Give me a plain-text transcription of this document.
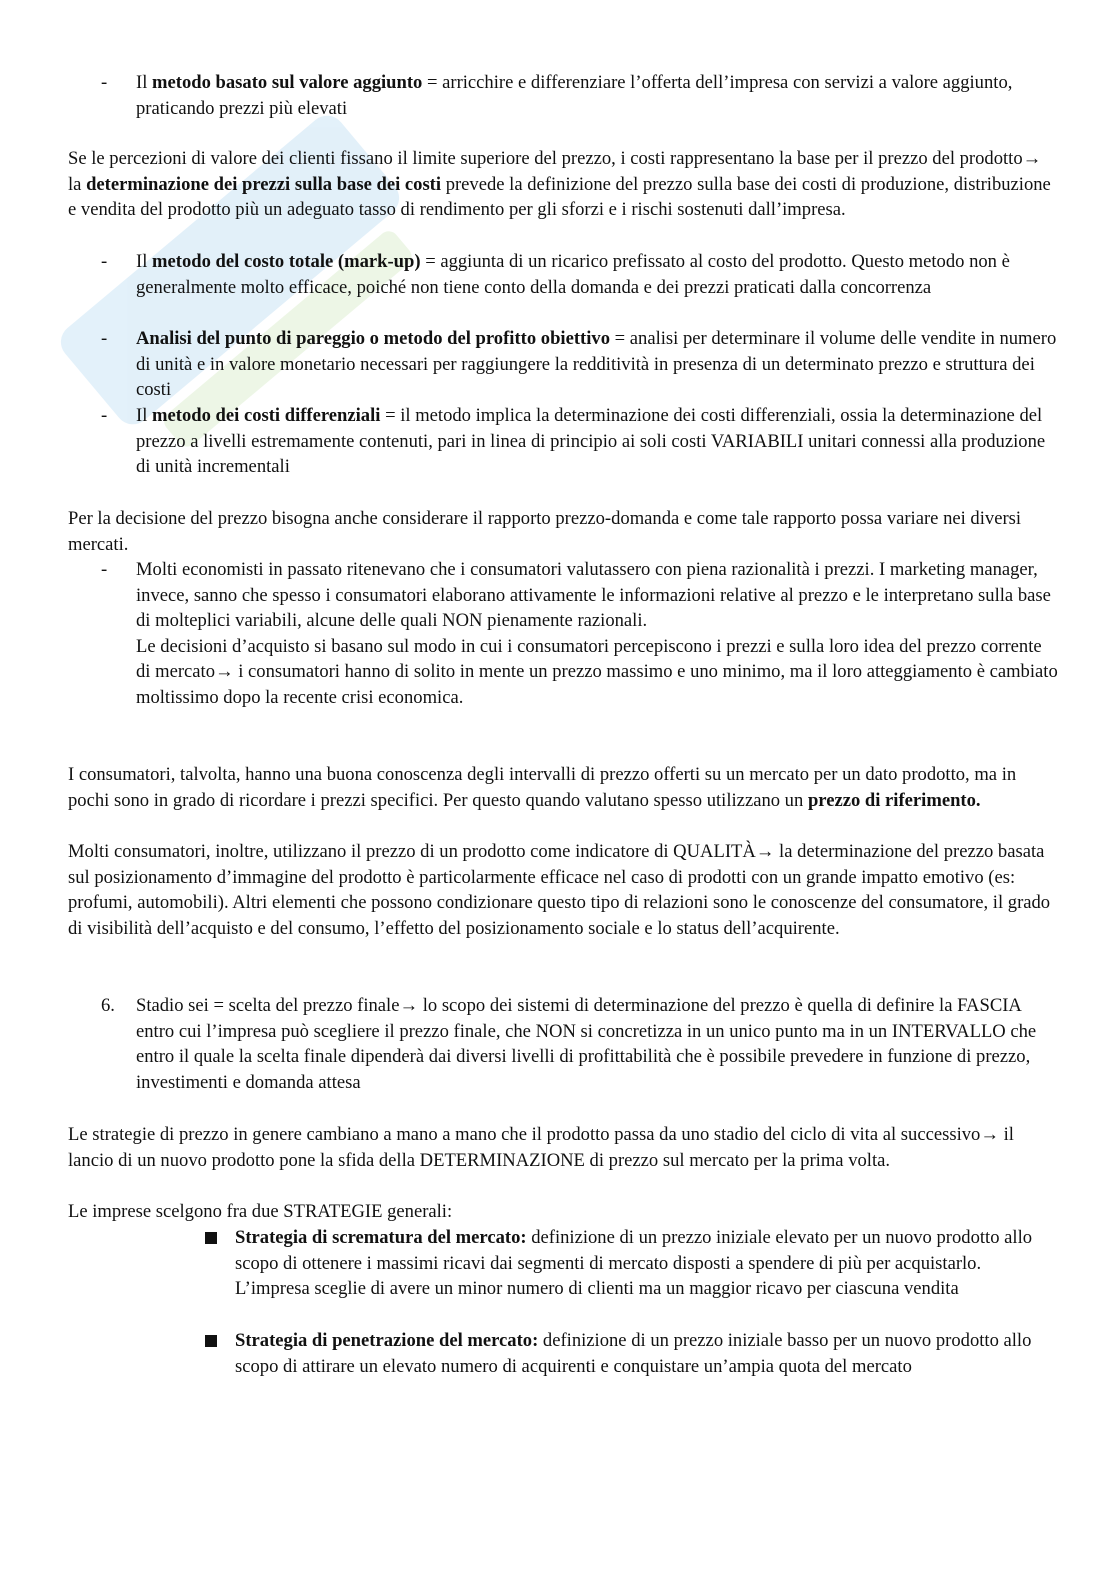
- Il metodo basato sul valore aggiunto = arricchire e differenziare l’offerta dell’impresa con servizi a valore aggiunto, praticando prezzi più elevati
Se le percezioni di valore dei clienti fissano il limite superiore del prezzo, i costi rappresentano la base per il prezzo del prodotto→ la determinazione dei prezzi sulla base dei costi prevede la definizione del prezzo sulla base dei costi di produzione, distribuzione e vendita del prodotto più un adeguato tasso di rendimento per gli sforzi e i rischi sostenuti dall’impresa.
- Il metodo del costo totale (mark-up) = aggiunta di un ricarico prefissato al costo del prodotto. Questo metodo non è generalmente molto efficace, poiché non tiene conto della domanda e dei prezzi praticati dalla concorrenza
- Analisi del punto di pareggio o metodo del profitto obiettivo = analisi per determinare il volume delle vendite in numero di unità e in valore monetario necessari per raggiungere la redditività in presenza di un determinato prezzo e struttura dei costi
- Il metodo dei costi differenziali = il metodo implica la determinazione dei costi differenziali, ossia la determinazione del prezzo a livelli estremamente contenuti, pari in linea di principio ai soli costi VARIABILI unitari connessi alla produzione di unità incrementali
Per la decisione del prezzo bisogna anche considerare il rapporto prezzo-domanda e come tale rapporto possa variare nei diversi mercati.
- Molti economisti in passato ritenevano che i consumatori valutassero con piena razionalità i prezzi. I marketing manager, invece, sanno che spesso i consumatori elaborano attivamente le informazioni relative al prezzo e le interpretano sulla base di molteplici variabili, alcune delle quali NON pienamente razionali.
Le decisioni d’acquisto si basano sul modo in cui i consumatori percepiscono i prezzi e sulla loro idea del prezzo corrente di mercato→ i consumatori hanno di solito in mente un prezzo massimo e uno minimo, ma il loro atteggiamento è cambiato moltissimo dopo la recente crisi economica.
I consumatori, talvolta, hanno una buona conoscenza degli intervalli di prezzo offerti su un mercato per un dato prodotto, ma in pochi sono in grado di ricordare i prezzi specifici. Per questo quando valutano spesso utilizzano un prezzo di riferimento.
Molti consumatori, inoltre, utilizzano il prezzo di un prodotto come indicatore di QUALITÀ→ la determinazione del prezzo basata sul posizionamento d’immagine del prodotto è particolarmente efficace nel caso di prodotti con un grande impatto emotivo (es: profumi, automobili). Altri elementi che possono condizionare questo tipo di relazioni sono le conoscenze del consumatore, il grado di visibilità dell’acquisto e del consumo, l’effetto del posizionamento sociale e lo status dell’acquirente.
6. Stadio sei = scelta del prezzo finale→ lo scopo dei sistemi di determinazione del prezzo è quella di definire la FASCIA entro cui l’impresa può scegliere il prezzo finale, che NON si concretizza in un unico punto ma in un INTERVALLO che entro il quale la scelta finale dipenderà dai diversi livelli di profittabilità che è possibile prevedere in funzione di prezzo, investimenti e domanda attesa
Le strategie di prezzo in genere cambiano a mano a mano che il prodotto passa da uno stadio del ciclo di vita al successivo→ il lancio di un nuovo prodotto pone la sfida della DETERMINAZIONE di prezzo sul mercato per la prima volta.
Le imprese scelgono fra due STRATEGIE generali:
Strategia di scrematura del mercato: definizione di un prezzo iniziale elevato per un nuovo prodotto allo scopo di ottenere i massimi ricavi dai segmenti di mercato disposti a spendere di più per acquistarlo. L’impresa sceglie di avere un minor numero di clienti ma un maggior ricavo per ciascuna vendita
Strategia di penetrazione del mercato: definizione di un prezzo iniziale basso per un nuovo prodotto allo scopo di attirare un elevato numero di acquirenti e conquistare un’ampia quota del mercato
